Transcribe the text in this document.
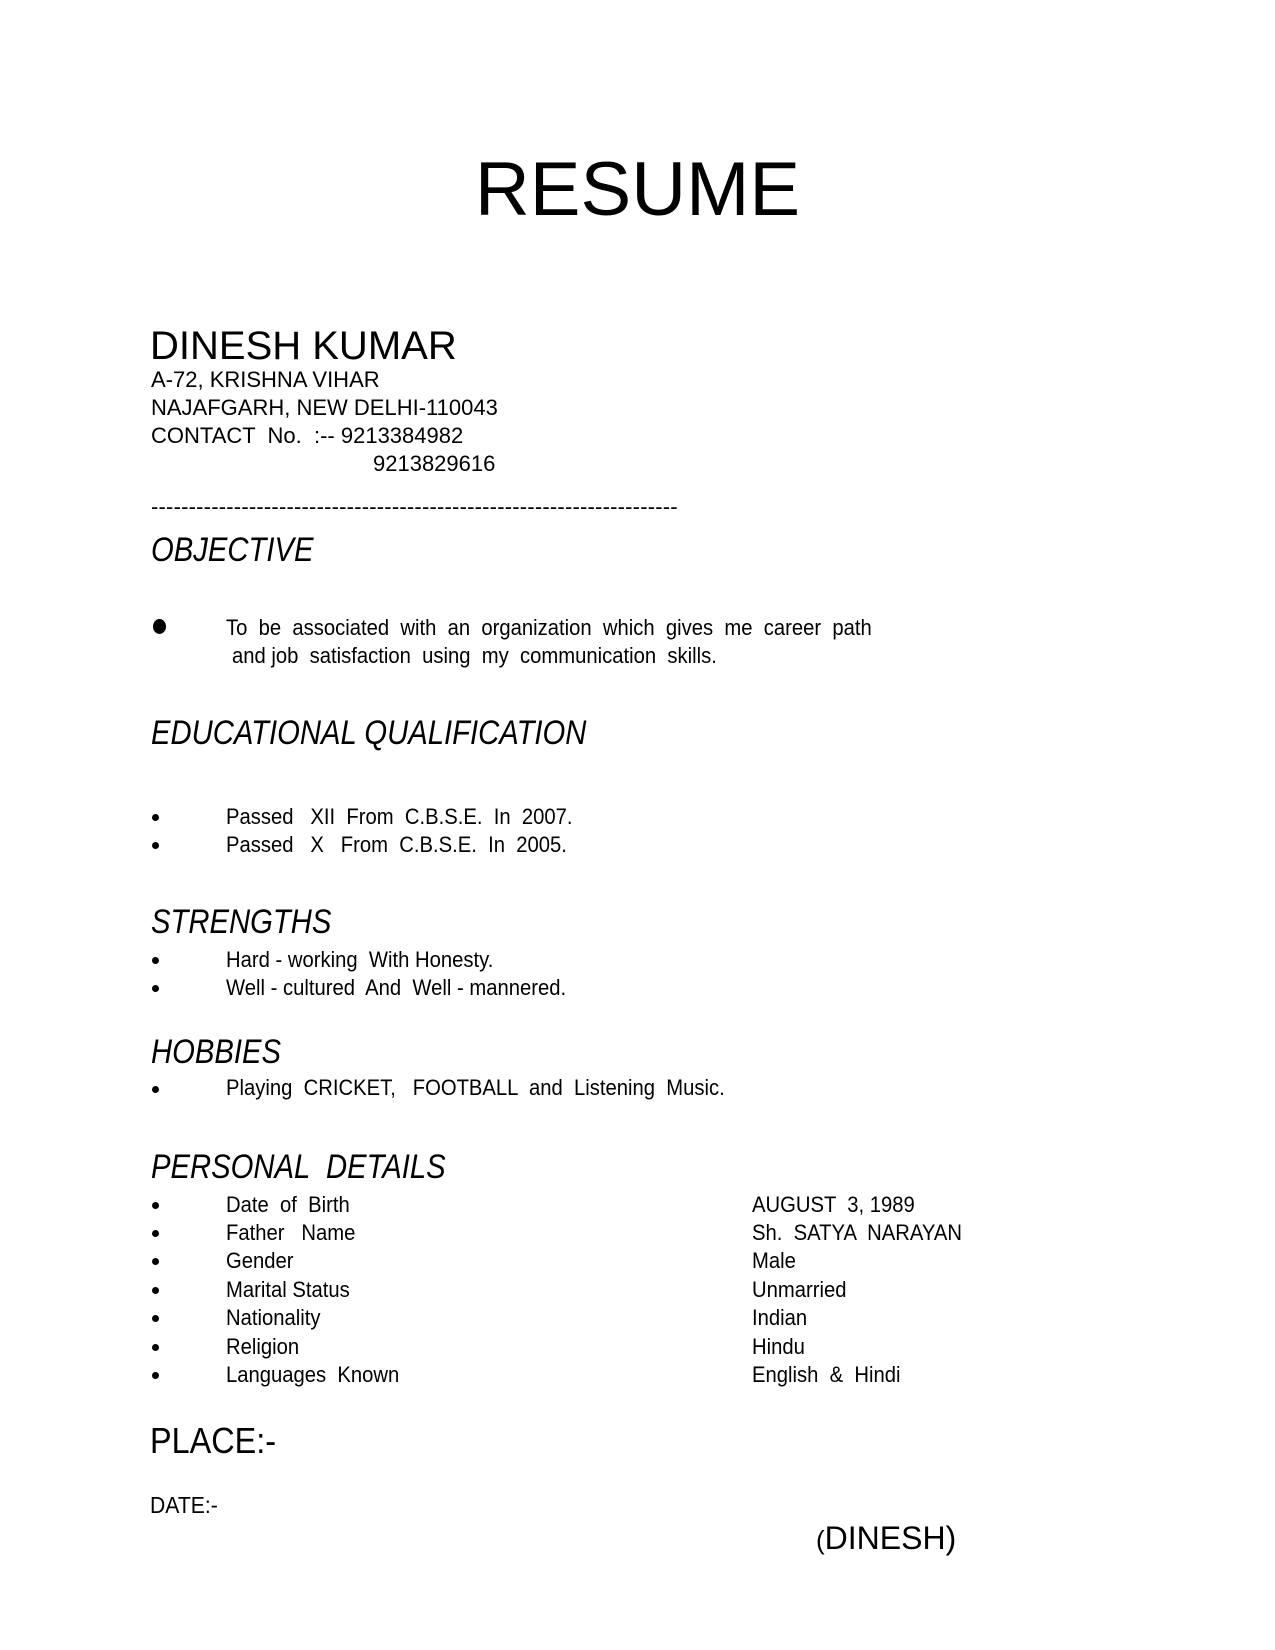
RESUME
DINESH KUMAR
A-72, KRISHNA VIHAR
NAJAFGARH, NEW DELHI-110043
CONTACT  No.  :-- 9213384982
9213829616
----------------------------------------------------------------------
OBJECTIVE
To  be  associated  with  an  organization  which  gives  me  career  path
and job  satisfaction  using  my  communication  skills.
EDUCATIONAL QUALIFICATION
Passed   XII  From  C.B.S.E.  In  2007.
Passed   X   From  C.B.S.E.  In  2005.
STRENGTHS
Hard - working  With Honesty.
Well - cultured  And  Well - mannered.
HOBBIES
Playing  CRICKET,   FOOTBALL  and  Listening  Music.
PERSONAL  DETAILS
Date  of  Birth	AUGUST  3, 1989
Father   Name	Sh.  SATYA  NARAYAN
Gender	Male
Marital Status	Unmarried
Nationality	Indian
Religion	Hindu
Languages  Known	English  &  Hindi
PLACE:-
DATE:-
(DINESH)
